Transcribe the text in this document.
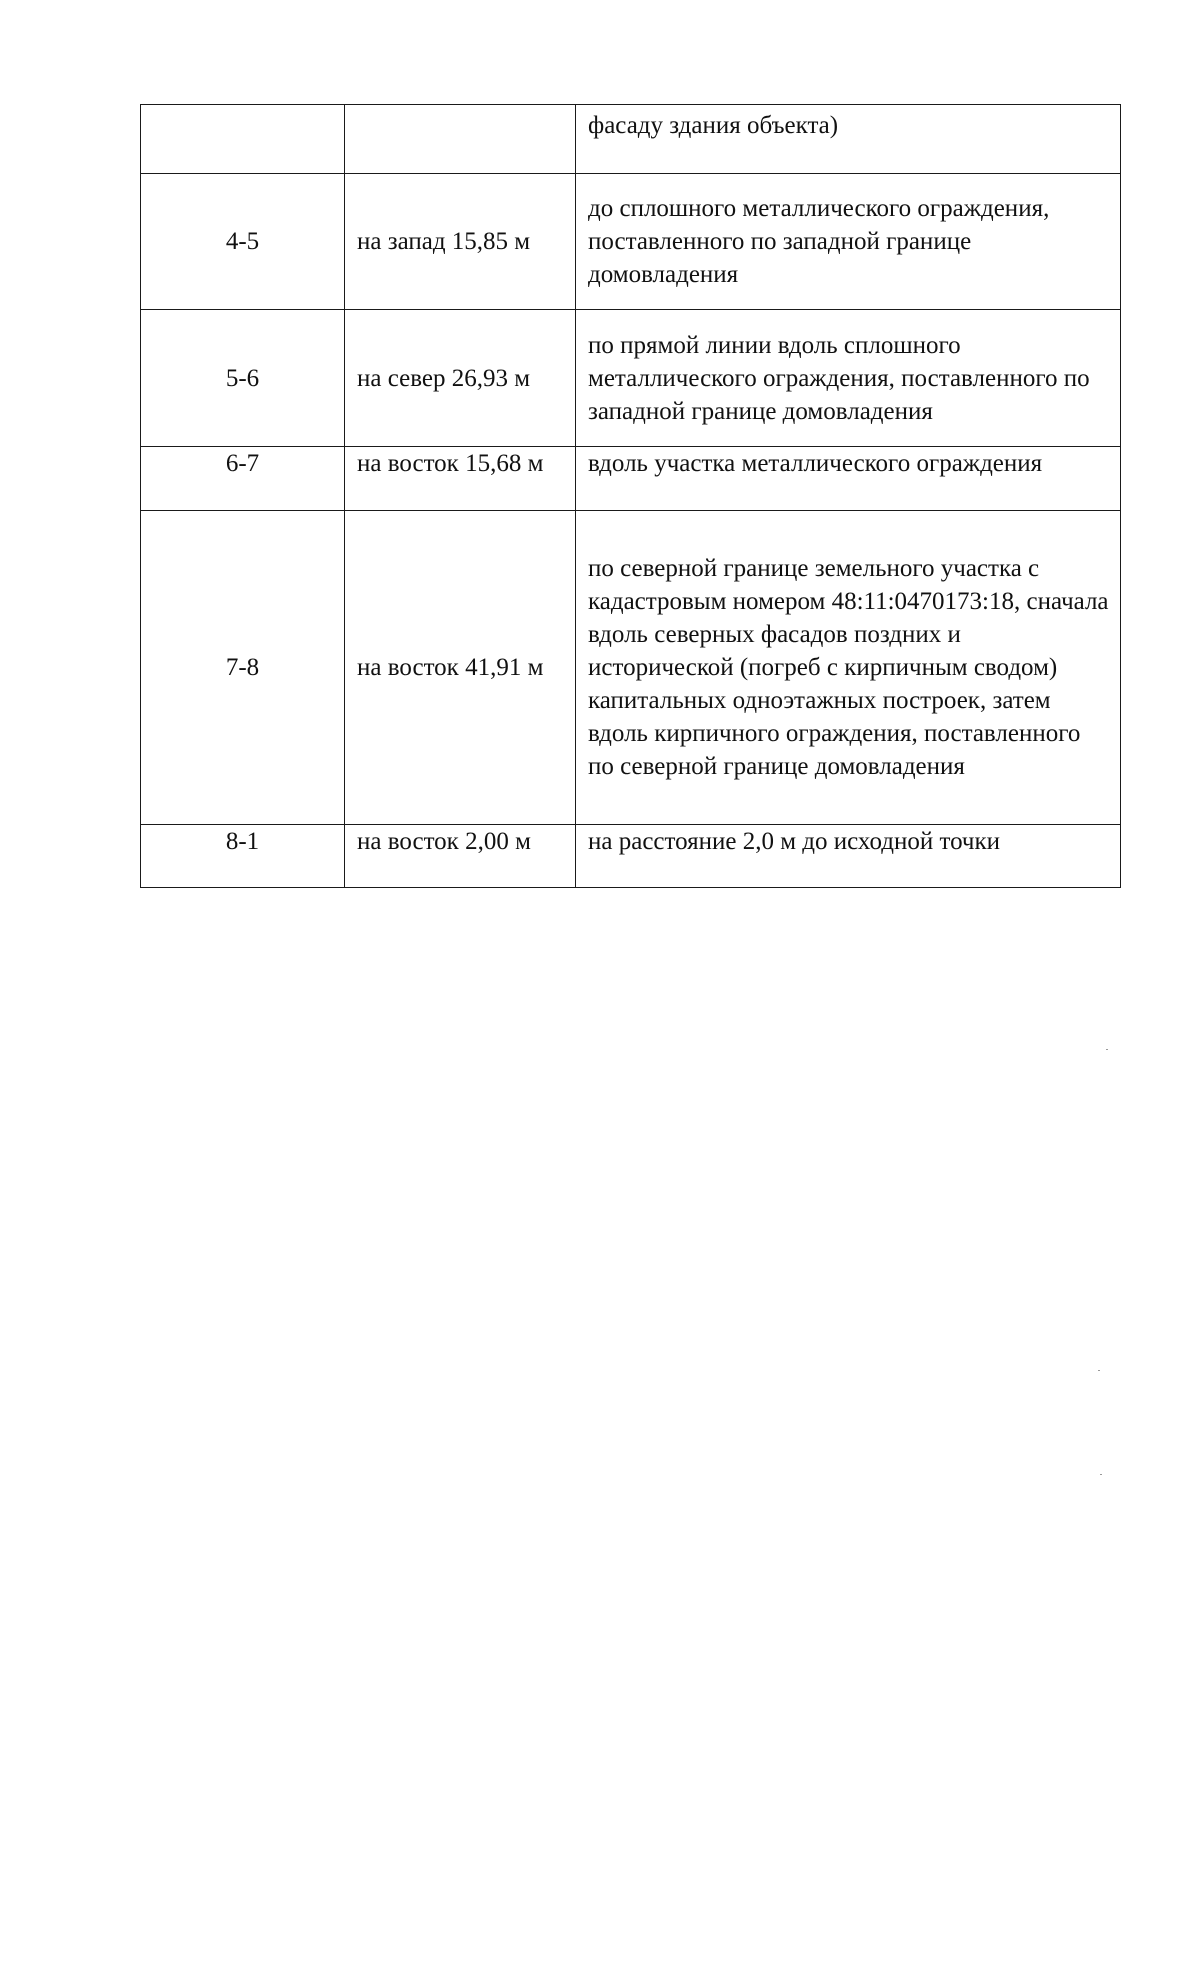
		фасаду здания объекта)
4-5	на запад 15,85 м	до сплошного металлического ограждения, поставленного по западной границе домовладения
5-6	на север 26,93 м	по прямой линии вдоль сплошного металлического ограждения, поставленного по западной границе домовладения
6-7	на восток 15,68 м	вдоль участка металлического ограждения
7-8	на восток 41,91 м	по северной границе земельного участка с кадастровым номером 48:11:0470173:18, сначала вдоль северных фасадов поздних и исторической (погреб с кирпичным сводом) капитальных одноэтажных построек, затем вдоль кирпичного ограждения, поставленного по северной границе домовладения
8-1	на восток 2,00 м	на расстояние 2,0 м до исходной точки
